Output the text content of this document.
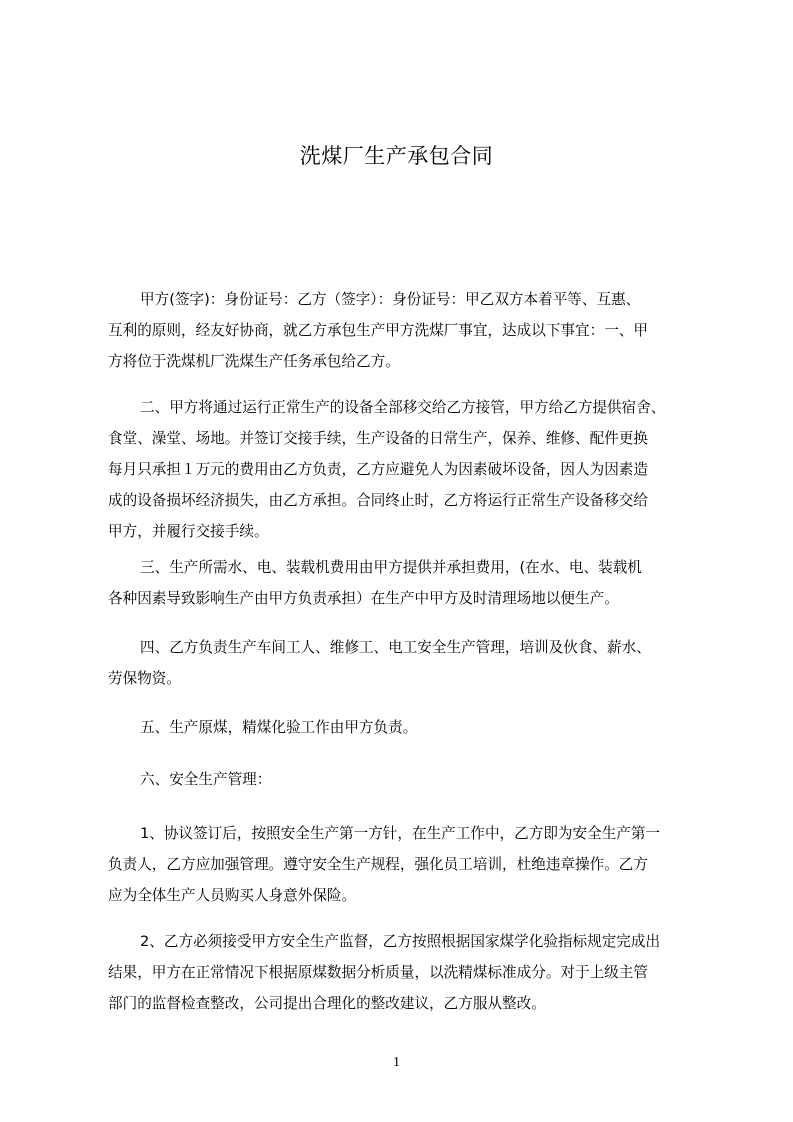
洗煤厂生产承包合同
甲方(签字)：身份证号：乙方（签字）：身份证号：甲乙双方本着平等、互惠、
互利的原则，经友好协商，就乙方承包生产甲方洗煤厂事宜，达成以下事宜：一、甲
方将位于洗煤机厂洗煤生产任务承包给乙方。
二、甲方将通过运行正常生产的设备全部移交给乙方接管，甲方给乙方提供宿舍、
食堂、澡堂、场地。并签订交接手续，生产设备的日常生产，保养、维修、配件更换
每月只承担１万元的费用由乙方负责，乙方应避免人为因素破坏设备，因人为因素造
成的设备损坏经济损失，由乙方承担。合同终止时，乙方将运行正常生产设备移交给
甲方，并履行交接手续。
三、生产所需水、电、装载机费用由甲方提供并承担费用，(在水、电、装载机
各种因素导致影响生产由甲方负责承担）在生产中甲方及时清理场地以便生产。
四、乙方负责生产车间工人、维修工、电工安全生产管理，培训及伙食、薪水、
劳保物资。
五、生产原煤，精煤化验工作由甲方负责。
六、安全生产管理：
1、协议签订后，按照安全生产第一方针，在生产工作中，乙方即为安全生产第一
负责人，乙方应加强管理。遵守安全生产规程，强化员工培训，杜绝违章操作。乙方
应为全体生产人员购买人身意外保险。
2、乙方必须接受甲方安全生产监督，乙方按照根据国家煤学化验指标规定完成出
结果，甲方在正常情况下根据原煤数据分析质量，以洗精煤标准成分。对于上级主管
部门的监督检查整改，公司提出合理化的整改建议，乙方服从整改。
1
